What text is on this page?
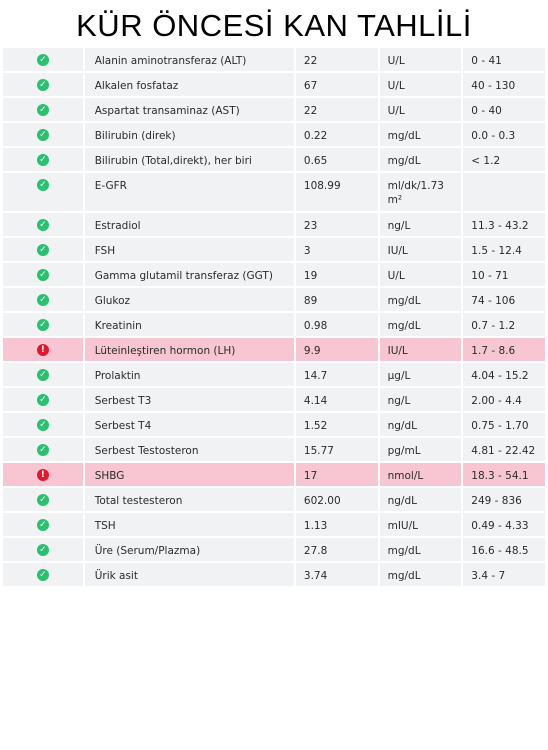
KÜR ÖNCESİ KAN TAHLİLİ
✓	Alanin aminotransferaz (ALT)	22	U/L	0 - 41
✓	Alkalen fosfataz	67	U/L	40 - 130
✓	Aspartat transaminaz (AST)	22	U/L	0 - 40
✓	Bilirubin (direk)	0.22	mg/dL	0.0 - 0.3
✓	Bilirubin (Total,direkt), her biri	0.65	mg/dL	< 1.2
✓	E-GFR	108.99	ml/dk/1.73 m²
✓	Estradiol	23	ng/L	11.3 - 43.2
✓	FSH	3	IU/L	1.5 - 12.4
✓	Gamma glutamil transferaz (GGT)	19	U/L	10 - 71
✓	Glukoz	89	mg/dL	74 - 106
✓	Kreatinin	0.98	mg/dL	0.7 - 1.2
!	Lüteinleştiren hormon (LH)	9.9	IU/L	1.7 - 8.6
✓	Prolaktin	14.7	µg/L	4.04 - 15.2
✓	Serbest T3	4.14	ng/L	2.00 - 4.4
✓	Serbest T4	1.52	ng/dL	0.75 - 1.70
✓	Serbest Testosteron	15.77	pg/mL	4.81 - 22.42
!	SHBG	17	nmol/L	18.3 - 54.1
✓	Total testesteron	602.00	ng/dL	249 - 836
✓	TSH	1.13	mIU/L	0.49 - 4.33
✓	Üre (Serum/Plazma)	27.8	mg/dL	16.6 - 48.5
✓	Ürik asit	3.74	mg/dL	3.4 - 7
